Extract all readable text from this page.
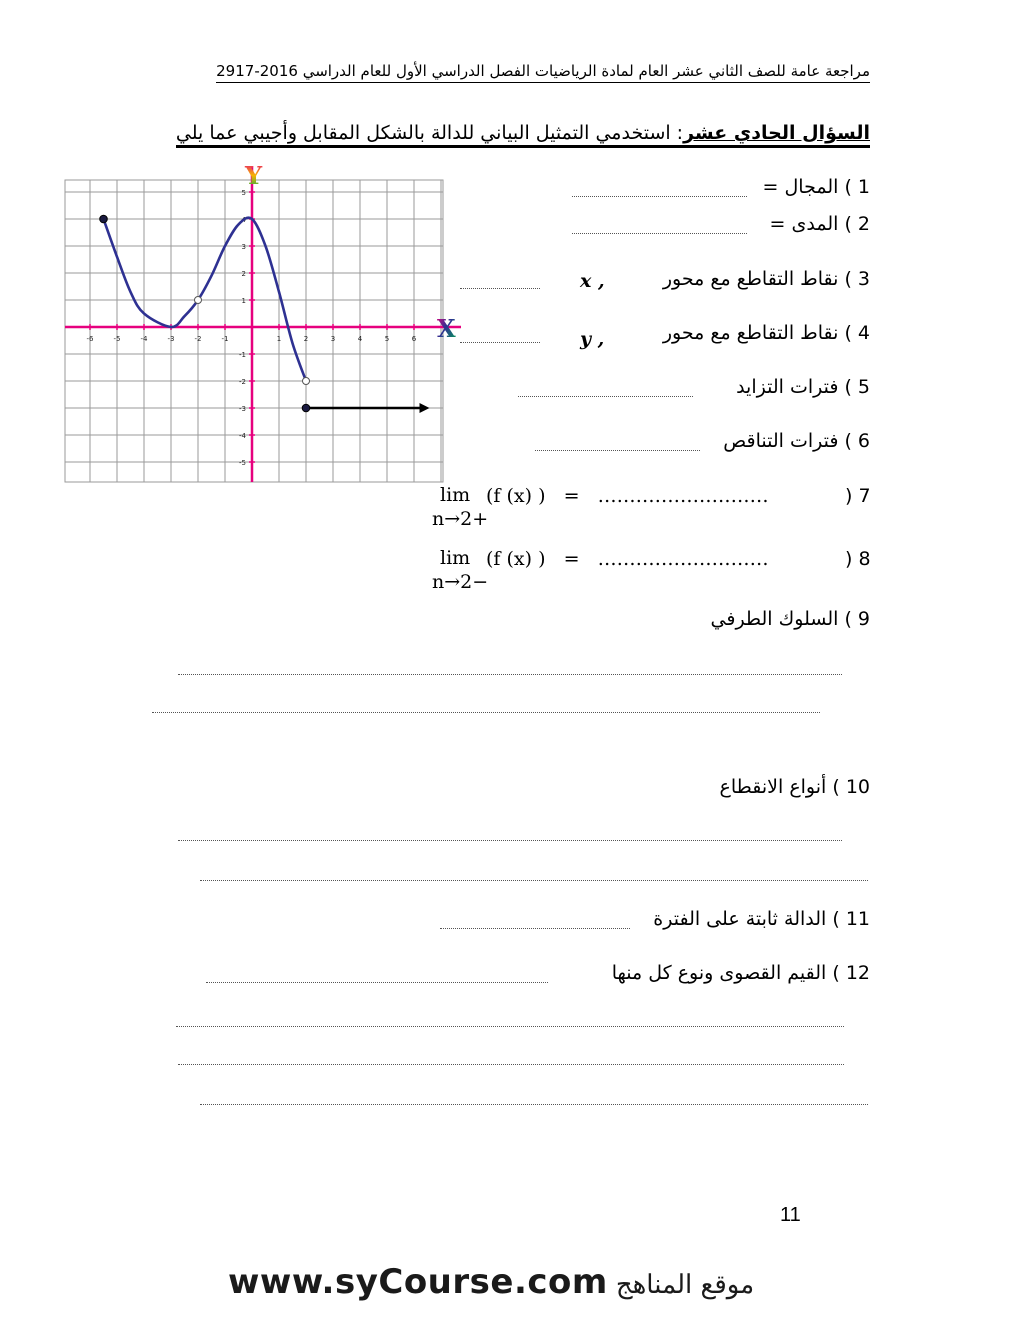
مراجعة عامة للصف الثاني عشر العام لمادة الرياضيات الفصل الدراسي الأول للعام الدراسي 2016-2917
السؤال الحادي عشر: استخدمي التمثيل البياني للدالة بالشكل المقابل وأجيبي عما يلي
-6	-5	-4	-3	-2	-1	1	2	3	4	5	6
5
4
3
2
1
-1
-2
-3
-4
-5
Y
X
1 ) المجال =
2 ) المدى =
3 ) نقاط التقاطع مع محور
x ,
4 ) نقاط التقاطع مع محور
y ,
5 ) فترات التزايد
6 ) فترات التناقص
lim
n→2+
(f (x) )   =   ………………………	) 7
lim
n→2−
(f (x) )   =   ………………………	) 8
9 ) السلوك الطرفي
10 ) أنواع الانقطاع
11 ) الدالة ثابتة على الفترة
12 ) القيم القصوى ونوع كل منها
11
www.syCourse.com موقع المناهج
